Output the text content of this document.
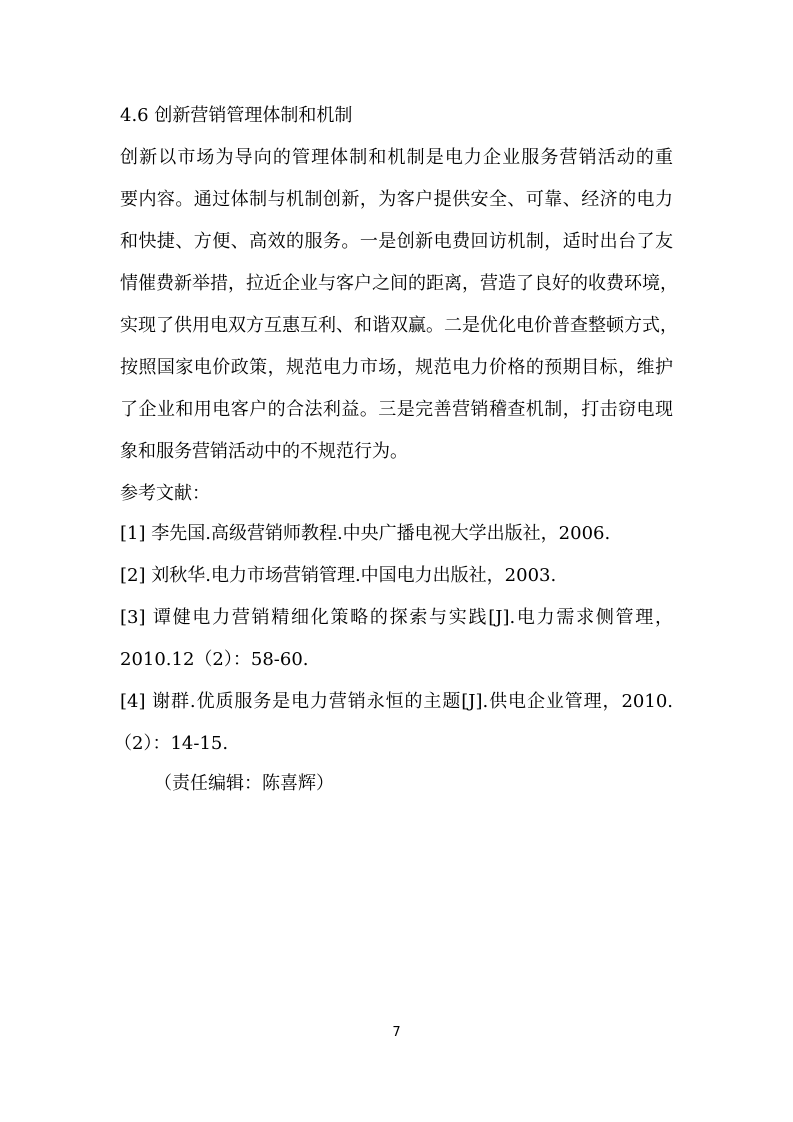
4.6 创新营销管理体制和机制
创新以市场为导向的管理体制和机制是电力企业服务营销活动的重
要内容。通过体制与机制创新，为客户提供安全、可靠、经济的电力
和快捷、方便、高效的服务。一是创新电费回访机制，适时出台了友
情催费新举措，拉近企业与客户之间的距离，营造了良好的收费环境，
实现了供用电双方互惠互利、和谐双赢。二是优化电价普查整顿方式，
按照国家电价政策，规范电力市场，规范电力价格的预期目标，维护
了企业和用电客户的合法利益。三是完善营销稽查机制，打击窃电现
象和服务营销活动中的不规范行为。
参考文献：
[1] 李先国.高级营销师教程.中央广播电视大学出版社，2006.
[2] 刘秋华.电力市场营销管理.中国电力出版社，2003.
[3] 谭健电力营销精细化策略的探索与实践[J].电力需求侧管理，
2010.12（2）：58-60.
[4] 谢群.优质服务是电力营销永恒的主题[J].供电企业管理，2010.
（2）：14-15.
（责任编辑：陈喜辉）
7
